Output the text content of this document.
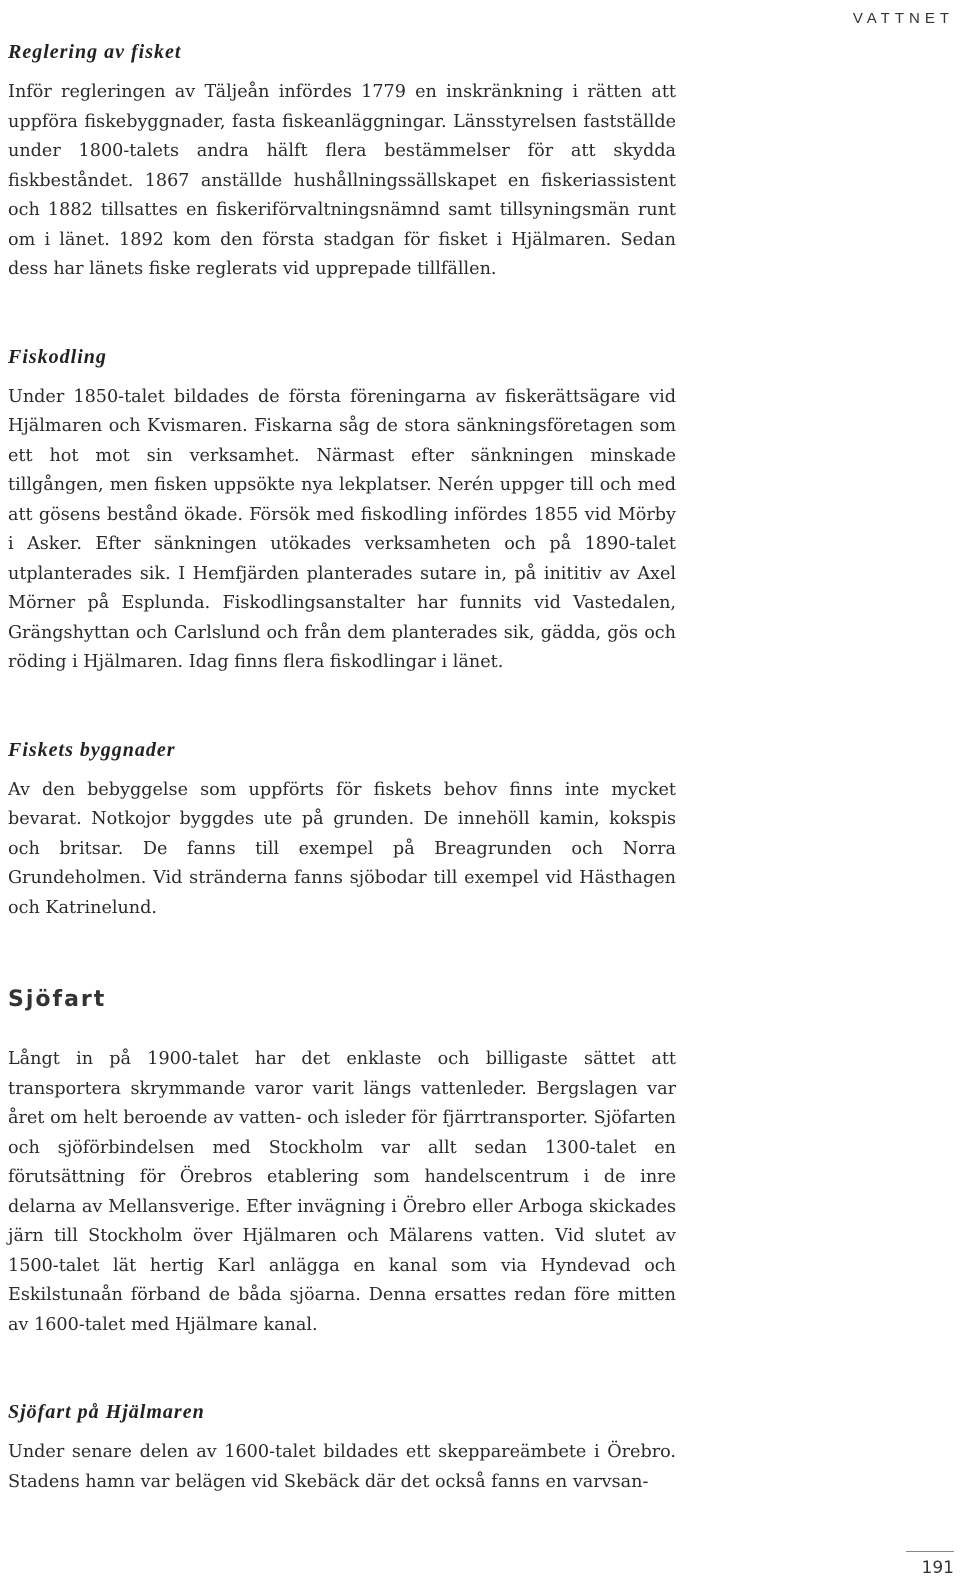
VATTNET
Reglering av fisket

Inför regleringen av Täljeån infördes 1779 en inskränkning i rätten att uppföra fiskebyggnader, fasta fiskeanläggningar. Länsstyrelsen fastställde under 1800-talets andra hälft flera bestämmelser för att skydda fiskbeståndet. 1867 anställde hushållningssällskapet en fiskeriassistent och 1882 tillsattes en fiskeriförvaltningsnämnd samt tillsyningsmän runt om i länet. 1892 kom den första stadgan för fisket i Hjälmaren. Sedan dess har länets fiske reglerats vid upprepade tillfällen.

Fiskodling

Under 1850-talet bildades de första föreningarna av fiskerättsägare vid Hjälmaren och Kvismaren. Fiskarna såg de stora sänkningsföretagen som ett hot mot sin verksamhet. Närmast efter sänkningen minskade tillgången, men fisken uppsökte nya lekplatser. Nerén uppger till och med att gösens bestånd ökade. Försök med fiskodling infördes 1855 vid Mörby i Asker. Efter sänkningen utökades verksamheten och på 1890-talet utplanterades sik. I Hemfjärden planterades sutare in, på inititiv av Axel Mörner på Esplunda. Fiskodlingsanstalter har funnits vid Vastedalen, Grängshyttan och Carlslund och från dem planterades sik, gädda, gös och röding i Hjälmaren. Idag finns flera fiskodlingar i länet.

Fiskets byggnader

Av den bebyggelse som uppförts för fiskets behov finns inte mycket bevarat. Notkojor byggdes ute på grunden. De innehöll kamin, kokspis och britsar. De fanns till exempel på Breagrunden och Norra Grundeholmen. Vid stränderna fanns sjöbodar till exempel vid Hästhagen och Katrinelund.

Sjöfart

Långt in på 1900-talet har det enklaste och billigaste sättet att transportera skrymmande varor varit längs vattenleder. Bergslagen var året om helt beroende av vatten- och isleder för fjärrtransporter. Sjöfarten och sjöförbindelsen med Stockholm var allt sedan 1300-talet en förutsättning för Örebros etablering som handelscentrum i de inre delarna av Mellansverige. Efter invägning i Örebro eller Arboga skickades järn till Stockholm över Hjälmaren och Mälarens vatten. Vid slutet av 1500-talet lät hertig Karl anlägga en kanal som via Hyndevad och Eskilstunaån förband de båda sjöarna. Denna ersattes redan före mitten av 1600-talet med Hjälmare kanal.

Sjöfart på Hjälmaren

Under senare delen av 1600-talet bildades ett skeppareämbete i Örebro. Stadens hamn var belägen vid Skebäck där det också fanns en varvsan-

191
